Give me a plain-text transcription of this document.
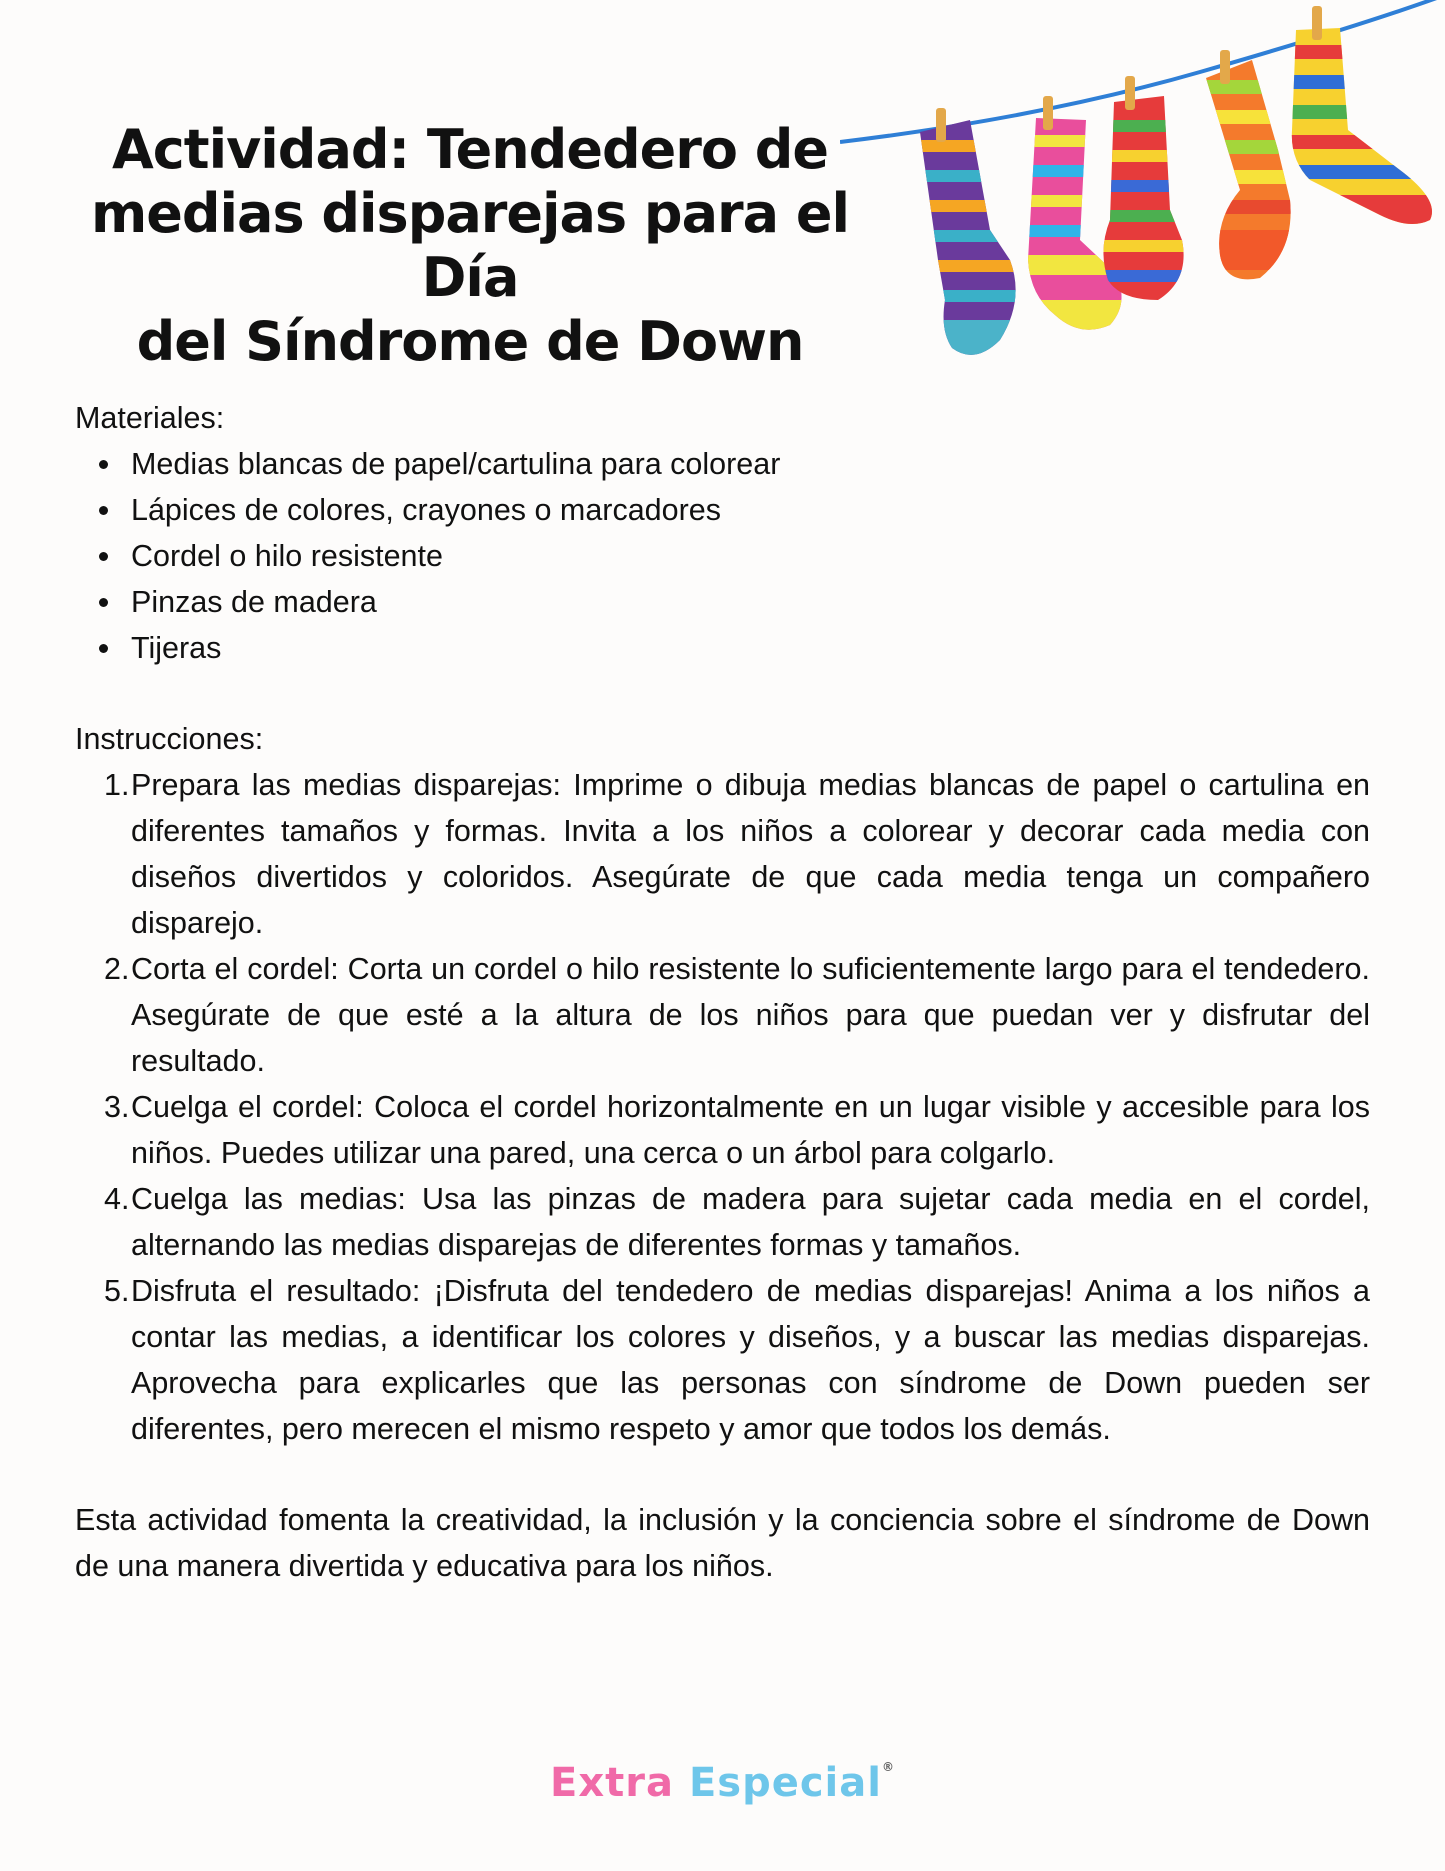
Actividad: Tendedero de
medias disparejas para el Día
del Síndrome de Down

Materiales:

Medias blancas de papel/cartulina para colorear
Lápices de colores, crayones o marcadores
Cordel o hilo resistente
Pinzas de madera
Tijeras

Instrucciones:

1. Prepara las medias disparejas: Imprime o dibuja medias blancas de papel o cartulina en diferentes tamaños y formas. Invita a los niños a colorear y decorar cada media con diseños divertidos y coloridos. Asegúrate de que cada media tenga un compañero disparejo.
2. Corta el cordel: Corta un cordel o hilo resistente lo suficientemente largo para el tendedero. Asegúrate de que esté a la altura de los niños para que puedan ver y disfrutar del resultado.
3. Cuelga el cordel: Coloca el cordel horizontalmente en un lugar visible y accesible para los niños. Puedes utilizar una pared, una cerca o un árbol para colgarlo.
4. Cuelga las medias: Usa las pinzas de madera para sujetar cada media en el cordel, alternando las medias disparejas de diferentes formas y tamaños.
5. Disfruta el resultado: ¡Disfruta del tendedero de medias disparejas! Anima a los niños a contar las medias, a identificar los colores y diseños, y a buscar las medias disparejas. Aprovecha para explicarles que las personas con síndrome de Down pueden ser diferentes, pero merecen el mismo respeto y amor que todos los demás.

Esta actividad fomenta la creatividad, la inclusión y la conciencia sobre el síndrome de Down de una manera divertida y educativa para los niños.

Extra Especial®
